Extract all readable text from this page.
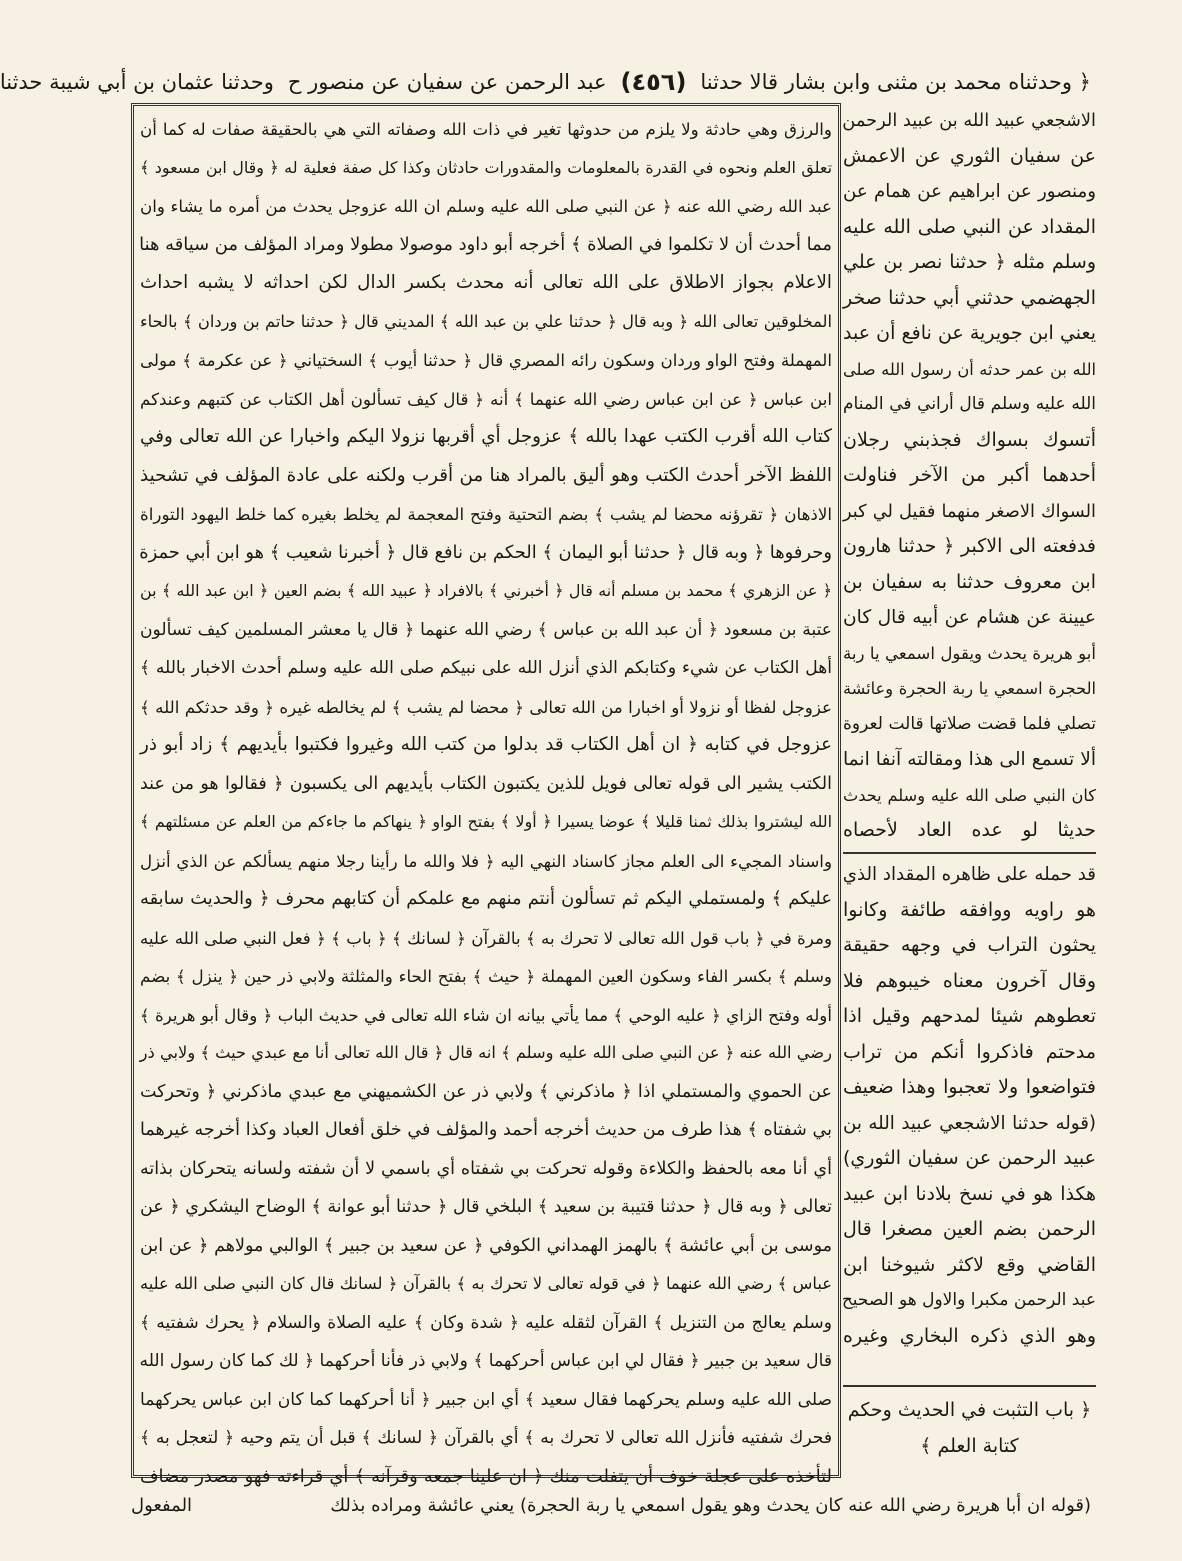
﴿ وحدثناه محمد بن مثنى وابن بشار قالا حدثنا
(٤٥٦)
عبد الرحمن عن سفيان عن منصور ح
وحدثنا عثمان بن أبي شيبة حدثنا
الاشجعي عبيد الله بن عبيد الرحمن
عن سفيان الثوري عن الاعمش
ومنصور عن ابراهيم عن همام عن
المقداد عن النبي صلى الله عليه
وسلم مثله ﴿ حدثنا نصر بن علي
الجهضمي حدثني أبي حدثنا صخر
يعني ابن جويرية عن نافع أن عبد
الله بن عمر حدثه أن رسول الله صلى
الله عليه وسلم قال أراني في المنام
أتسوك بسواك فجذبني رجلان
أحدهما أكبر من الآخر فناولت
السواك الاصغر منهما فقيل لي كبر
فدفعته الى الاكبر ﴿ حدثنا هارون
ابن معروف حدثنا به سفيان بن
عيينة عن هشام عن أبيه قال كان
أبو هريرة يحدث ويقول اسمعي يا ربة
الحجرة اسمعي يا ربة الحجرة وعائشة
تصلي فلما قضت صلاتها قالت لعروة
ألا تسمع الى هذا ومقالته آنفا انما
كان النبي صلى الله عليه وسلم يحدث
حديثا لو عده العاد لأحصاه
قد حمله على ظاهره المقداد الذي
هو راويه ووافقه طائفة وكانوا
يحثون التراب في وجهه حقيقة
وقال آخرون معناه خيبوهم فلا
تعطوهم شيئا لمدحهم وقيل اذا
مدحتم فاذكروا أنكم من تراب
فتواضعوا ولا تعجبوا وهذا ضعيف
(قوله حدثنا الاشجعي عبيد الله بن
عبيد الرحمن عن سفيان الثوري)
هكذا هو في نسخ بلادنا ابن عبيد
الرحمن بضم العين مصغرا قال
القاضي وقع لاكثر شيوخنا ابن
عبد الرحمن مكبرا والاول هو الصحيح
وهو الذي ذكره البخاري وغيره
﴿ باب التثبت في الحديث وحكم
كتابة العلم ﴾
والرزق وهي حادثة ولا يلزم من حدوثها تغير في ذات الله وصفاته التي هي بالحقيقة صفات له كما أن
تعلق العلم ونحوه في القدرة بالمعلومات والمقدورات حادثان وكذا كل صفة فعلية له ﴿ وقال ابن مسعود ﴾
عبد الله رضي الله عنه ﴿ عن النبي صلى الله عليه وسلم ان الله عزوجل يحدث من أمره ما يشاء وان
مما أحدث أن لا تكلموا في الصلاة ﴾ أخرجه أبو داود موصولا مطولا ومراد المؤلف من سياقه هنا
الاعلام بجواز الاطلاق على الله تعالى أنه محدث بكسر الدال لكن احداثه لا يشبه احداث
المخلوقين تعالى الله ﴿ وبه قال ﴿ حدثنا علي بن عبد الله ﴾ المديني قال ﴿ حدثنا حاتم بن وردان ﴾ بالحاء
المهملة وفتح الواو وردان وسكون رائه المصري قال ﴿ حدثنا أيوب ﴾ السختياني ﴿ عن عكرمة ﴾ مولى
ابن عباس ﴿ عن ابن عباس رضي الله عنهما ﴾ أنه ﴿ قال كيف تسألون أهل الكتاب عن كتبهم وعندكم
كتاب الله أقرب الكتب عهدا بالله ﴾ عزوجل أي أقربها نزولا اليكم واخبارا عن الله تعالى وفي
اللفظ الآخر أحدث الكتب وهو أليق بالمراد هنا من أقرب ولكنه على عادة المؤلف في تشحيذ
الاذهان ﴿ تقرؤنه محضا لم يشب ﴾ بضم التحتية وفتح المعجمة لم يخلط بغيره كما خلط اليهود التوراة
وحرفوها ﴿ وبه قال ﴿ حدثنا أبو اليمان ﴾ الحكم بن نافع قال ﴿ أخبرنا شعيب ﴾ هو ابن أبي حمزة
﴿ عن الزهري ﴾ محمد بن مسلم أنه قال ﴿ أخبرني ﴾ بالافراد ﴿ عبيد الله ﴾ بضم العين ﴿ ابن عبد الله ﴾ بن
عتبة بن مسعود ﴿ أن عبد الله بن عباس ﴾ رضي الله عنهما ﴿ قال يا معشر المسلمين كيف تسألون
أهل الكتاب عن شيء وكتابكم الذي أنزل الله على نبيكم صلى الله عليه وسلم أحدث الاخبار بالله ﴾
عزوجل لفظا أو نزولا أو اخبارا من الله تعالى ﴿ محضا لم يشب ﴾ لم يخالطه غيره ﴿ وقد حدثكم الله ﴾
عزوجل في كتابه ﴿ ان أهل الكتاب قد بدلوا من كتب الله وغيروا فكتبوا بأيديهم ﴾ زاد أبو ذر
الكتب يشير الى قوله تعالى فويل للذين يكتبون الكتاب بأيديهم الى يكسبون ﴿ فقالوا هو من عند
الله ليشتروا بذلك ثمنا قليلا ﴾ عوضا يسيرا ﴿ أولا ﴾ بفتح الواو ﴿ ينهاكم ما جاءكم من العلم عن مسئلتهم ﴾
واسناد المجيء الى العلم مجاز كاسناد النهي اليه ﴿ فلا والله ما رأينا رجلا منهم يسألكم عن الذي أنزل
عليكم ﴾ ولمستملي اليكم ثم تسألون أنتم منهم مع علمكم أن كتابهم محرف ﴿ والحديث سابقه
ومرة في ﴿ باب قول الله تعالى لا تحرك به ﴾ بالقرآن ﴿ لسانك ﴾ ﴿ باب ﴾ ﴿ فعل النبي صلى الله عليه
وسلم ﴾ بكسر الفاء وسكون العين المهملة ﴿ حيث ﴾ بفتح الحاء والمثلثة ولابي ذر حين ﴿ ينزل ﴾ بضم
أوله وفتح الزاي ﴿ عليه الوحي ﴾ مما يأتي بيانه ان شاء الله تعالى في حديث الباب ﴿ وقال أبو هريرة ﴾
رضي الله عنه ﴿ عن النبي صلى الله عليه وسلم ﴾ انه قال ﴿ قال الله تعالى أنا مع عبدي حيث ﴾ ولابي ذر
عن الحموي والمستملي اذا ﴿ ماذكرني ﴾ ولابي ذر عن الكشميهني مع عبدي ماذكرني ﴿ وتحركت
بي شفتاه ﴾ هذا طرف من حديث أخرجه أحمد والمؤلف في خلق أفعال العباد وكذا أخرجه غيرهما
أي أنا معه بالحفظ والكلاءة وقوله تحركت بي شفتاه أي باسمي لا أن شفته ولسانه يتحركان بذاته
تعالى ﴿ وبه قال ﴿ حدثنا قتيبة بن سعيد ﴾ البلخي قال ﴿ حدثنا أبو عوانة ﴾ الوضاح اليشكري ﴿ عن
موسى بن أبي عائشة ﴾ بالهمز الهمداني الكوفي ﴿ عن سعيد بن جبير ﴾ الوالبي مولاهم ﴿ عن ابن
عباس ﴾ رضي الله عنهما ﴿ في قوله تعالى لا تحرك به ﴾ بالقرآن ﴿ لسانك قال كان النبي صلى الله عليه
وسلم يعالج من التنزيل ﴾ القرآن لثقله عليه ﴿ شدة وكان ﴾ عليه الصلاة والسلام ﴿ يحرك شفتيه ﴾
قال سعيد بن جبير ﴿ فقال لي ابن عباس أحركهما ﴾ ولابي ذر فأنا أحركهما ﴿ لك كما كان رسول الله
صلى الله عليه وسلم يحركهما فقال سعيد ﴾ أي ابن جبير ﴿ أنا أحركهما كما كان ابن عباس يحركهما
فحرك شفتيه فأنزل الله تعالى لا تحرك به ﴾ أي بالقرآن ﴿ لسانك ﴾ قبل أن يتم وحيه ﴿ لتعجل به ﴾
لتأخذه على عجلة خوف أن يتفلت منك ﴿ ان علينا جمعه وقرآنه ﴾ أي قراءته فهو مصدر مضاف
(قوله ان أبا هريرة رضي الله عنه كان يحدث وهو يقول اسمعي يا ربة الحجرة) يعني عائشة ومراده بذلك
المفعول
